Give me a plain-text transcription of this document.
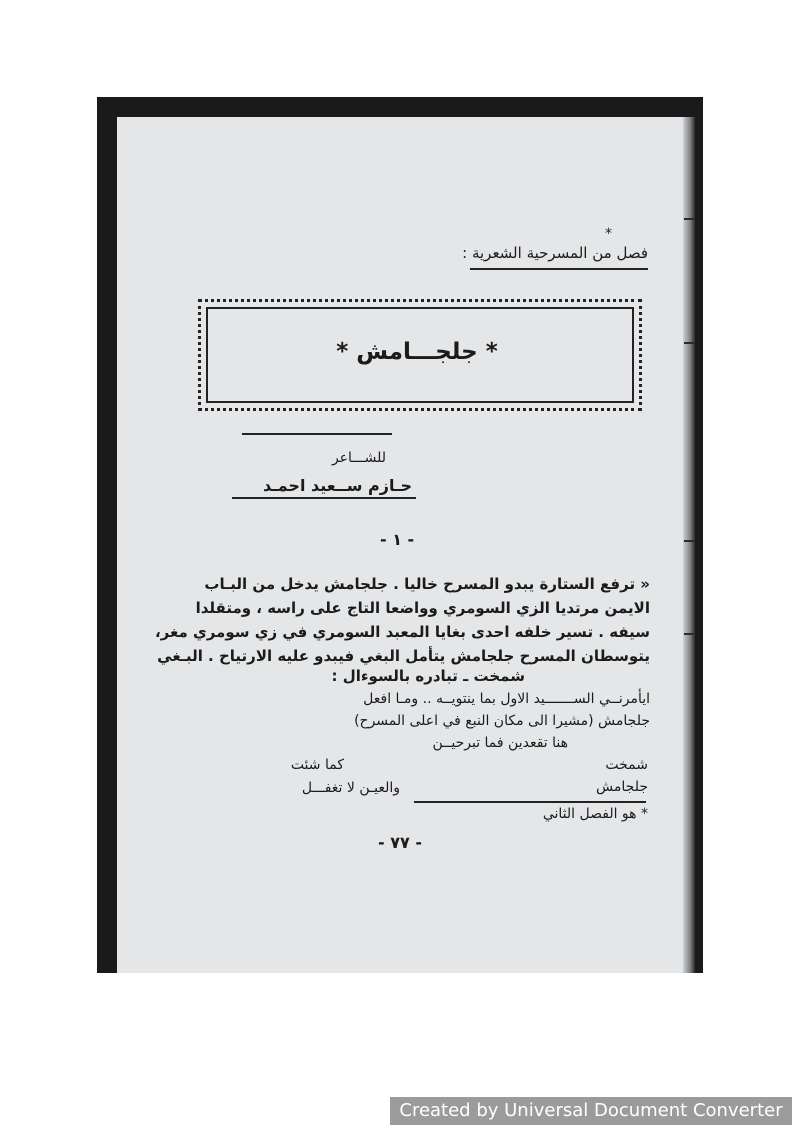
*
فصل من المسرحية الشعرية :
* جلجـــامش *
للشـــاعر
حـازم ســعيد احمـد
- ١ -
« ترفع الستارة يبدو المسرح خاليا . جلجامش يدخل من البـاب
الايمن مرتديا الزي السومري وواضعا التاج على راسه ، ومتقلدا
سيفه . تسير خلفه احدى بغايا المعبد السومري في زي سومري مغر،
يتوسطان المسرح جلجامش يتأمل البغي فيبدو عليه الارتياح . البـغي
شمخت ـ تبادره بالسوءال :
ايأمرنــي الســـــــيد الاول بما ينتويــه .. ومـا افعل
جلجامش (مشيرا الى مكان النبع في اعلى المسرح)
هنا تقعدين فما تبرحيــن
شمخت
كما شئت
جلجامش
والعيـن لا تغفـــل
* هو الفصل الثاني
- ٧٧ -
Created by Universal Document Converter
